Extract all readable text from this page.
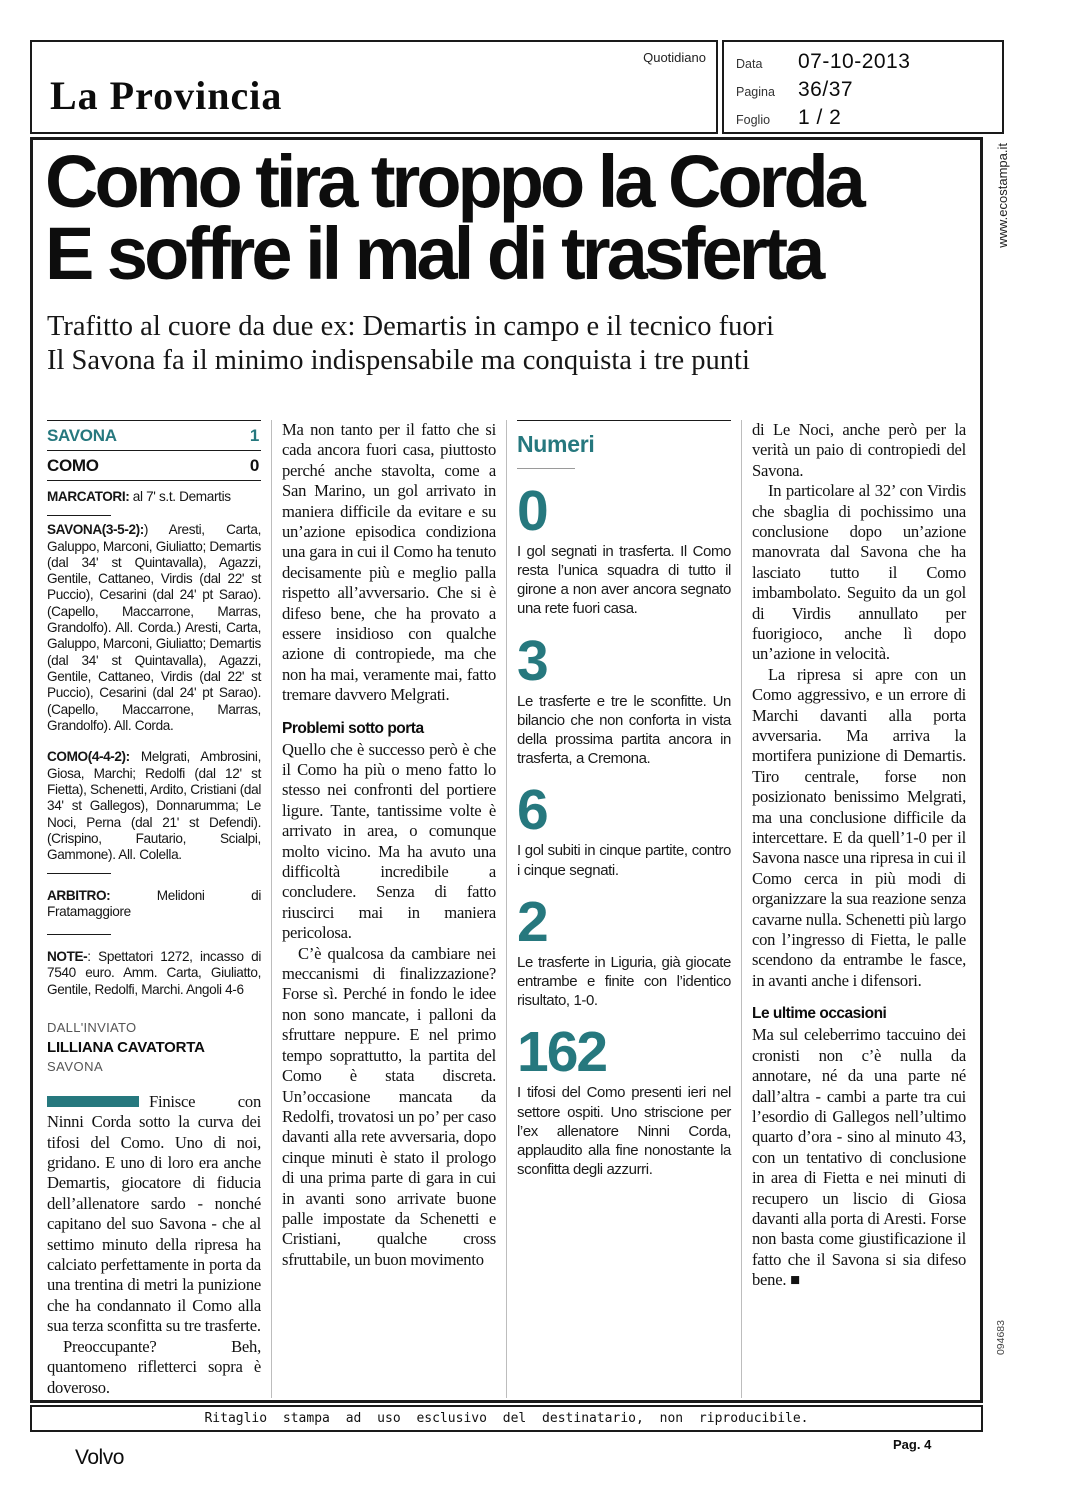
La Provincia
Quotidiano Data	07-10-2013
Pagina	36/37
Foglio	1 / 2
www.ecostampa.it
094683
Como tira troppo la Corda
E soffre il mal di trasferta
Trafitto al cuore da due ex: Demartis in campo e il tecnico fuori
Il Savona fa il minimo indispensabile ma conquista i tre punti
SAVONA	1
COMO	0

MARCATORI: al 7' s.t. Demartis

SAVONA(3-5-2):) Aresti, Carta, Galuppo, Marconi, Giuliatto; Demartis (dal 34' st Quintavalla), Agazzi, Gentile, Cattaneo, Virdis (dal 22' st Puccio), Cesarini (dal 24' pt Sarao). (Capello, Maccarrone, Marras, Grandolfo). All. Corda.) Aresti, Carta, Galuppo, Marconi, Giuliatto; Demartis (dal 34' st Quintavalla), Agazzi, Gentile, Cattaneo, Virdis (dal 22' st Puccio), Cesarini (dal 24' pt Sarao). (Capello, Maccarrone, Marras, Grandolfo). All. Corda.

COMO(4-4-2): Melgrati, Ambrosini, Giosa, Marchi; Redolfi (dal 12' st Fietta), Schenetti, Ardito, Cristiani (dal 34' st Gallegos), Donnarumma; Le Noci, Perna (dal 21' st Defendi). (Crispino, Fautario, Scialpi, Gammone). All. Colella.

ARBITRO: Melidoni di Fratamaggiore

NOTE-: Spettatori 1272, incasso di 7540 euro. Amm. Carta, Giuliatto, Gentile, Redolfi, Marchi. Angoli 4-6

DALL'INVIATO
LILLIANA CAVATORTA
SAVONA

Finisce con Ninni Corda sotto la curva dei tifosi del Como. Uno di noi, gridano. E uno di loro era anche Demartis, giocatore di fiducia dell’allenatore sardo - nonché capitano del suo Savona - che al settimo minuto della ripresa ha calciato perfettamente in porta da una trentina di metri la punizione che ha condannato il Como alla sua terza sconfitta su tre trasferte.

Preoccupante? Beh, quantomeno rifletterci sopra è doveroso.

Ma non tanto per il fatto che si cada ancora fuori casa, piuttosto perché anche stavolta, come a San Marino, un gol arrivato in maniera difficile da evitare e su un’azione episodica condiziona una gara in cui il Como ha tenuto decisamente più e meglio palla rispetto all’avversario. Che si è difeso bene, che ha provato a essere insidioso con qualche azione di contropiede, ma che non ha mai, veramente mai, fatto tremare davvero Melgrati.

Problemi sotto porta

Quello che è successo però è che il Como ha più o meno fatto lo stesso nei confronti del portiere ligure. Tante, tantissime volte è arrivato in area, o comunque molto vicino. Ma ha avuto una difficoltà incredibile a concludere. Senza di fatto riuscirci mai in maniera pericolosa.

C’è qualcosa da cambiare nei meccanismi di finalizzazione? Forse sì. Perché in fondo le idee non sono mancate, i palloni da sfruttare neppure. E nel primo tempo soprattutto, la partita del Como è stata discreta. Un’occasione mancata da Redolfi, trovatosi un po’ per caso davanti alla rete avversaria, dopo cinque minuti è stato il prologo di una prima parte di gara in cui in avanti sono arrivate buone palle impostate da Schenetti e Cristiani, qualche cross sfruttabile, un buon movimento

Numeri
0
I gol segnati in trasferta. Il Como resta l’unica squadra di tutto il girone a non aver ancora segnato una rete fuori casa.
3
Le trasferte e tre le sconfitte. Un bilancio che non conforta in vista della prossima partita ancora in trasferta, a Cremona.
6
I gol subiti in cinque partite, contro i cinque segnati.
2
Le trasferte in Liguria, già giocate entrambe e finite con l’identico risultato, 1-0.
162
I tifosi del Como presenti ieri nel settore ospiti. Uno striscione per l’ex allenatore Ninni Corda, applaudito alla fine nonostante la sconfitta degli azzurri.

di Le Noci, anche però per la verità un paio di contropiedi del Savona.

In particolare al 32’ con Virdis che sbaglia di pochissimo una conclusione dopo un’azione manovrata dal Savona che ha lasciato tutto il Como imbambolato. Seguito da un gol di Virdis annullato per fuorigioco, anche lì dopo un’azione in velocità.

La ripresa si apre con un Como aggressivo, e un errore di Marchi davanti alla porta avversaria. Ma arriva la mortifera punizione di Demartis. Tiro centrale, forse non posizionato benissimo Melgrati, ma una conclusione difficile da intercettare. E da quell’1-0 per il Savona nasce una ripresa in cui il Como cerca in più modi di organizzare la sua reazione senza cavarne nulla. Schenetti più largo con l’ingresso di Fietta, le palle scendono da entrambe le fasce, in avanti anche i difensori.

Le ultime occasioni

Ma sul celeberrimo taccuino dei cronisti non c’è nulla da annotare, né da una parte né dall’altra - cambi a parte tra cui l’esordio di Gallegos nell’ultimo quarto d’ora - sino al minuto 43, con un tentativo di conclusione in area di Fietta e nei minuti di recupero un liscio di Giosa davanti alla porta di Aresti. Forse non basta come giustificazione il fatto che il Savona si sia difeso bene. ■

Ritaglio stampa ad uso esclusivo del destinatario, non riproducibile.
Volvo
Pag. 4
